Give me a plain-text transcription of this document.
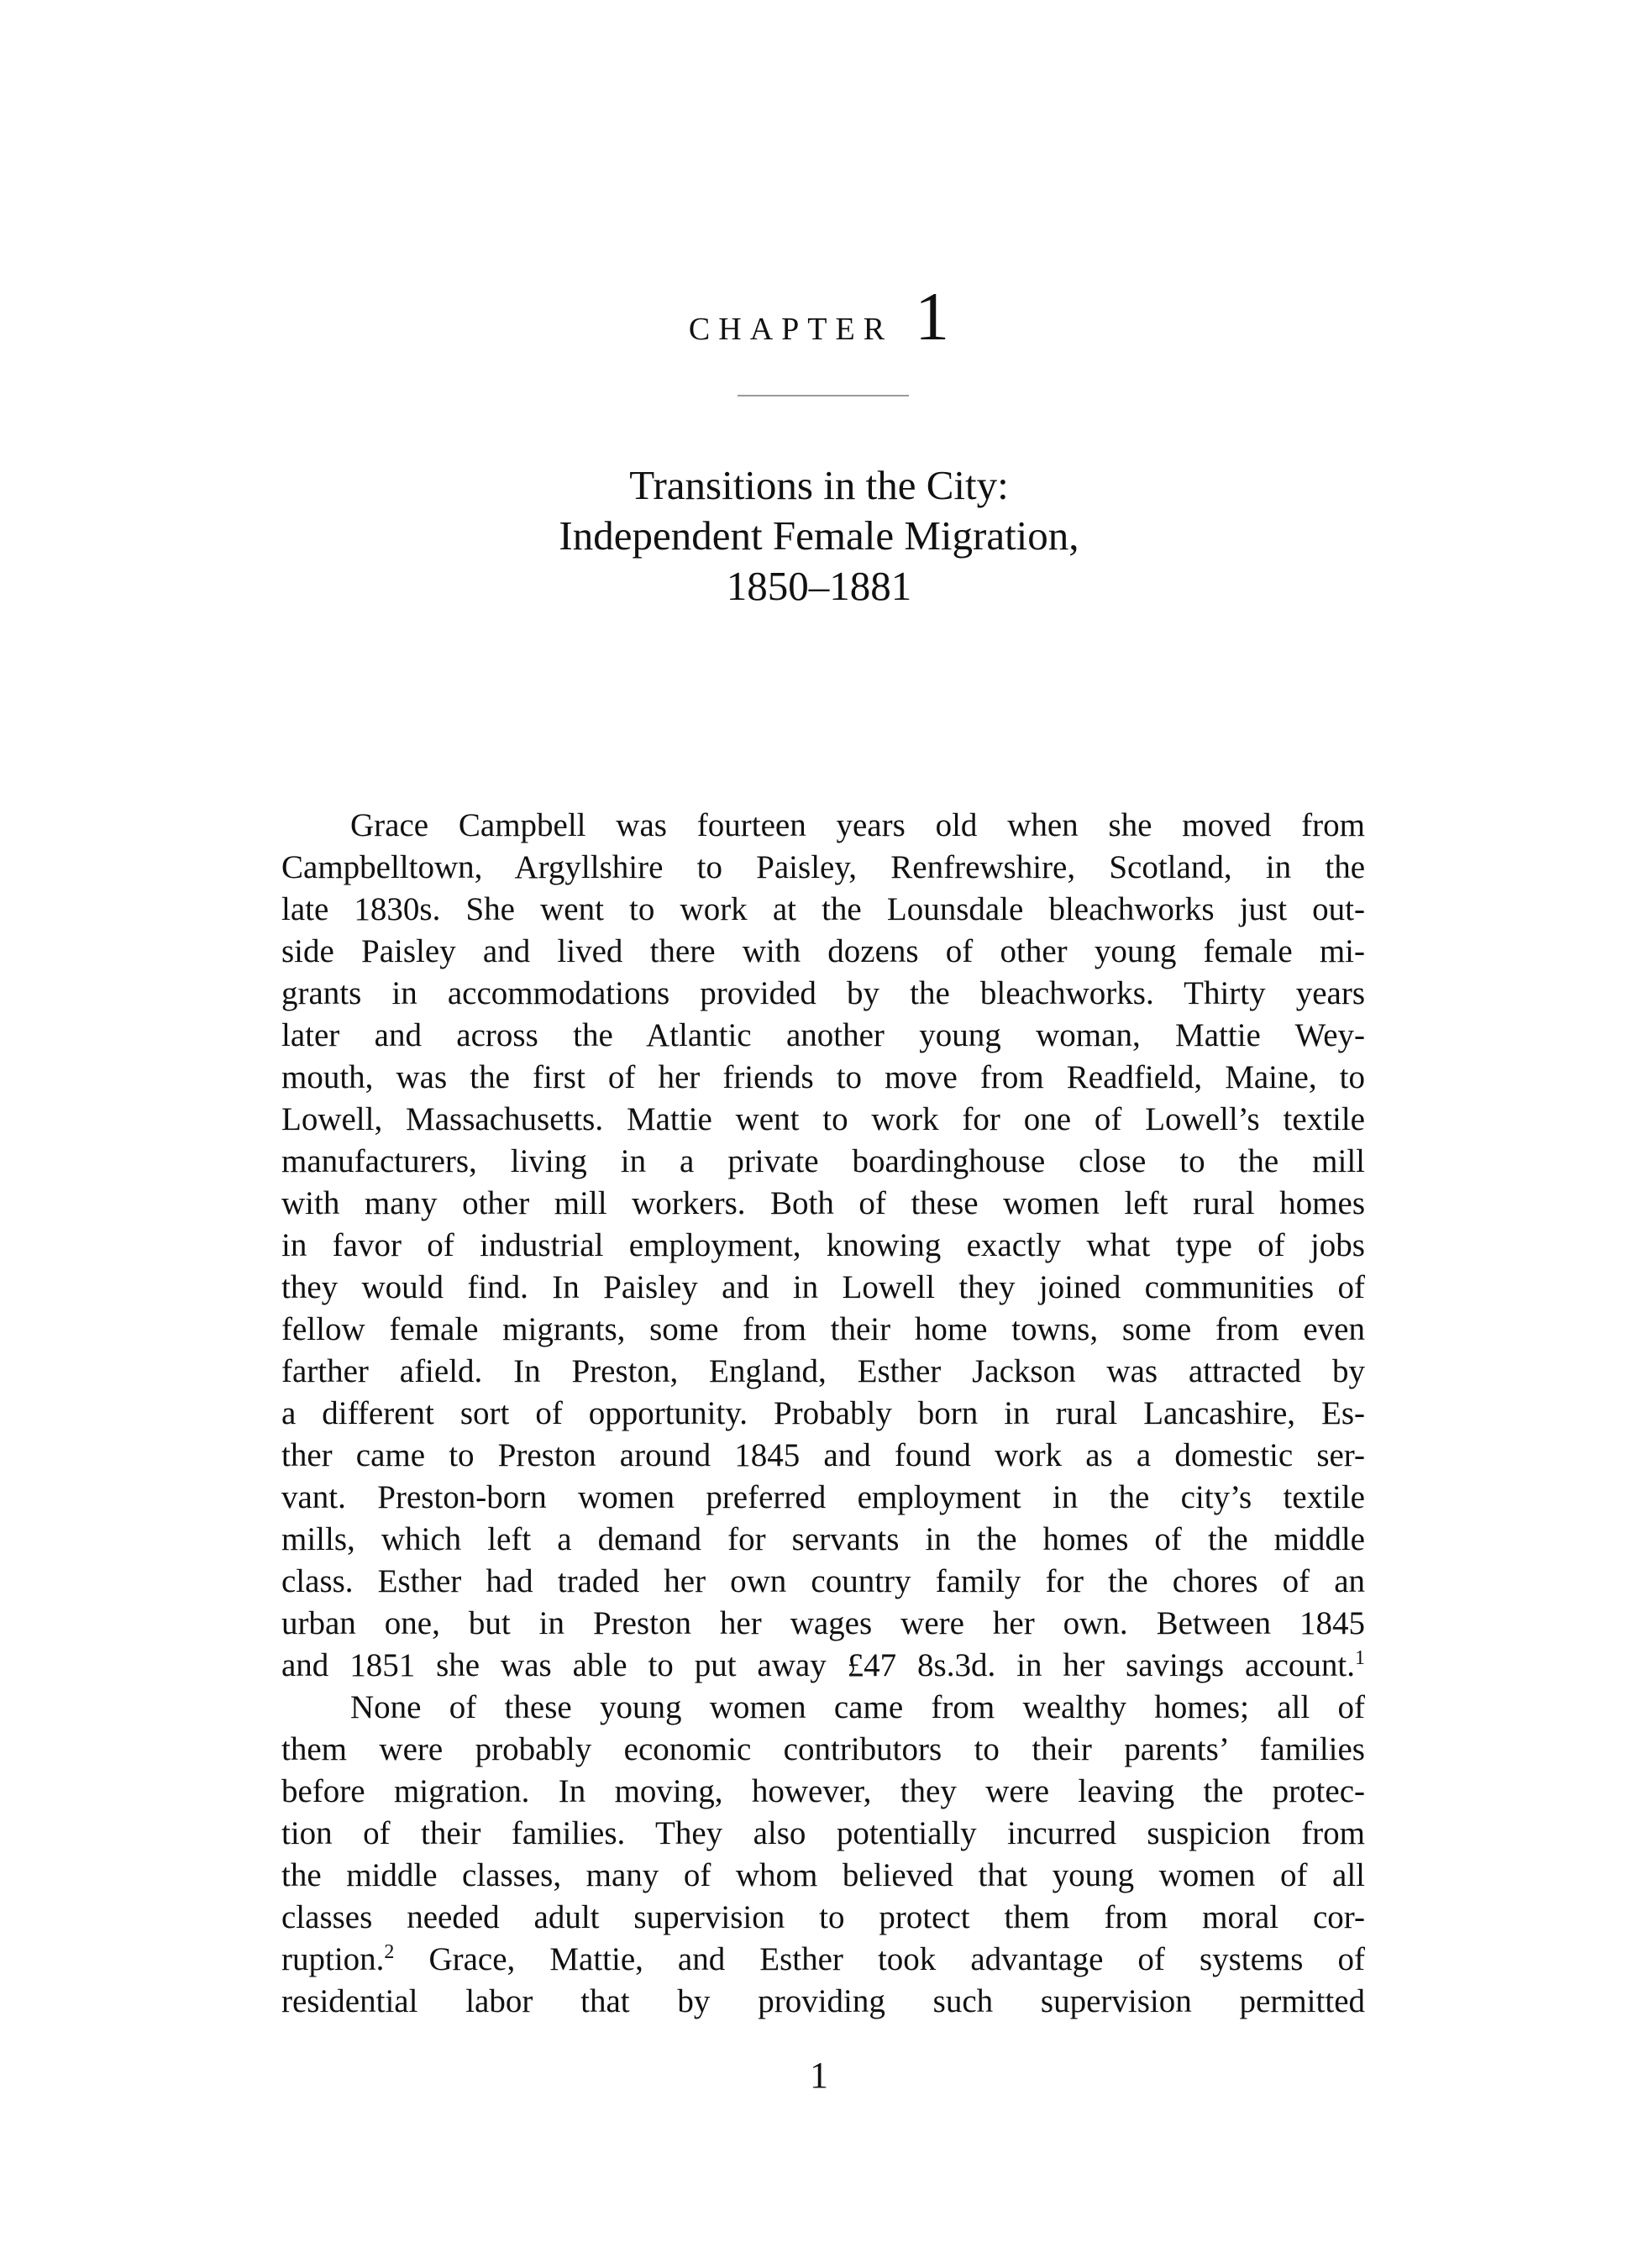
CHAPTER 1
Transitions in the City:
Independent Female Migration,
1850–1881

Grace Campbell was fourteen years old when she moved from
Campbelltown, Argyllshire to Paisley, Renfrewshire, Scotland, in the
late 1830s. She went to work at the Lounsdale bleachworks just out-
side Paisley and lived there with dozens of other young female mi-
grants in accommodations provided by the bleachworks. Thirty years
later and across the Atlantic another young woman, Mattie Wey-
mouth, was the first of her friends to move from Readfield, Maine, to
Lowell, Massachusetts. Mattie went to work for one of Lowell’s textile
manufacturers, living in a private boardinghouse close to the mill
with many other mill workers. Both of these women left rural homes
in favor of industrial employment, knowing exactly what type of jobs
they would find. In Paisley and in Lowell they joined communities of
fellow female migrants, some from their home towns, some from even
farther afield. In Preston, England, Esther Jackson was attracted by
a different sort of opportunity. Probably born in rural Lancashire, Es-
ther came to Preston around 1845 and found work as a domestic ser-
vant. Preston-born women preferred employment in the city’s textile
mills, which left a demand for servants in the homes of the middle
class. Esther had traded her own country family for the chores of an
urban one, but in Preston her wages were her own. Between 1845
and 1851 she was able to put away £47 8s.3d. in her savings account.$^1$

None of these young women came from wealthy homes; all of
them were probably economic contributors to their parents’ families
before migration. In moving, however, they were leaving the protec-
tion of their families. They also potentially incurred suspicion from
the middle classes, many of whom believed that young women of all
classes needed adult supervision to protect them from moral cor-
ruption.$^2$ Grace, Mattie, and Esther took advantage of systems of
residential labor that by providing such supervision permitted

1
